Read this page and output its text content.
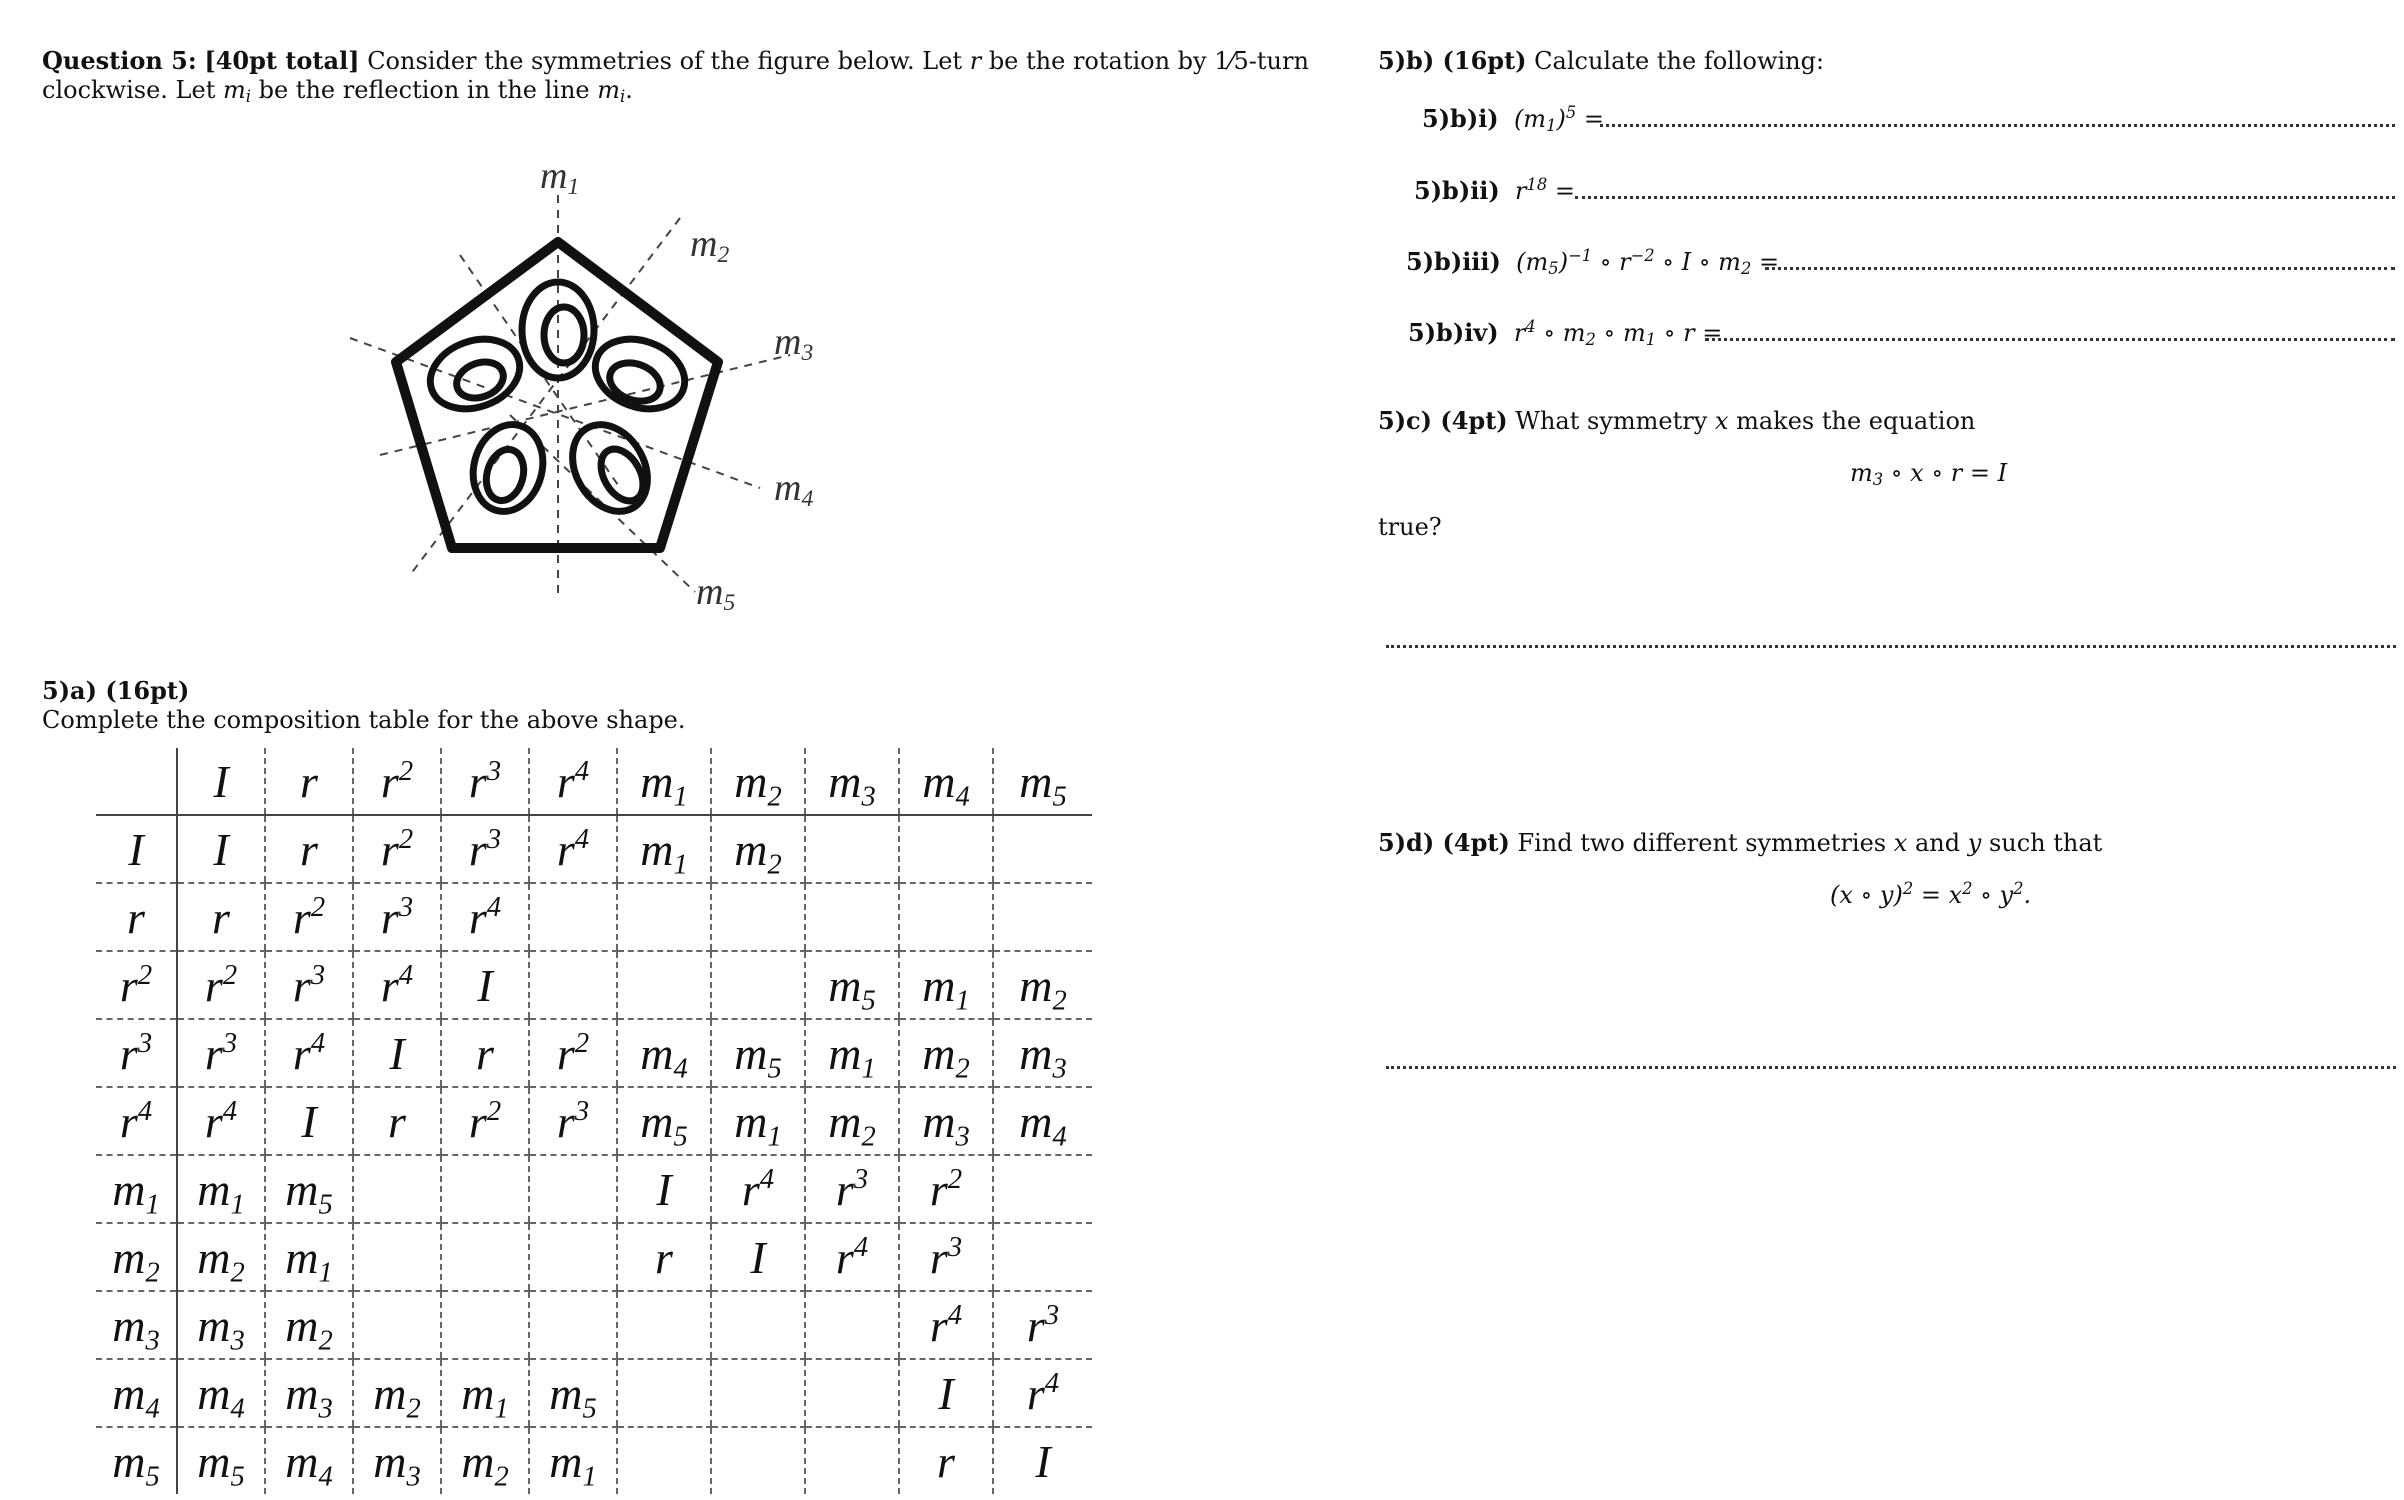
Question 5: [40pt total] Consider the symmetries of the figure below. Let r be the rotation by 1⁄5-turn
clockwise. Let $m_i$ be the reflection in the line $m_i$.
$m_1$
$m_2$
$m_3$
$m_4$
$m_5$
5)a) (16pt)
Complete the composition table for the above shape.
	I	r	$r^2$	$r^3$	$r^4$	$m_1$	$m_2$	$m_3$	$m_4$	$m_5$
I	I	r	$r^2$	$r^3$	$r^4$	$m_1$	$m_2$			
r	r	$r^2$	$r^3$	$r^4$						
$r^2$	$r^2$	$r^3$	$r^4$	I				$m_5$	$m_1$	$m_2$
$r^3$	$r^3$	$r^4$	I	r	$r^2$	$m_4$	$m_5$	$m_1$	$m_2$	$m_3$
$r^4$	$r^4$	I	r	$r^2$	$r^3$	$m_5$	$m_1$	$m_2$	$m_3$	$m_4$
$m_1$	$m_1$	$m_5$				I	$r^4$	$r^3$	$r^2$	
$m_2$	$m_2$	$m_1$				r	I	$r^4$	$r^3$	
$m_3$	$m_3$	$m_2$							$r^4$	$r^3$
$m_4$	$m_4$	$m_3$	$m_2$	$m_1$	$m_5$				I	$r^4$
$m_5$	$m_5$	$m_4$	$m_3$	$m_2$	$m_1$				r	I
5)b) (16pt) Calculate the following:
5)b)i)  $(m_1)^5$ =
5)b)ii)  $r^{18}$ =
5)b)iii)  $(m_5)^{-1}$ ∘ $r^{-2}$ ∘ I ∘ $m_2$ =
5)b)iv)  $r^4$ ∘ $m_2$ ∘ $m_1$ ∘ r =
5)c) (4pt) What symmetry x makes the equation
$m_3$ ∘ x ∘ r = I
true?
5)d) (4pt) Find two different symmetries x and y such that
(x ∘ $y)^2 = x^2$ ∘ $y^2$.
